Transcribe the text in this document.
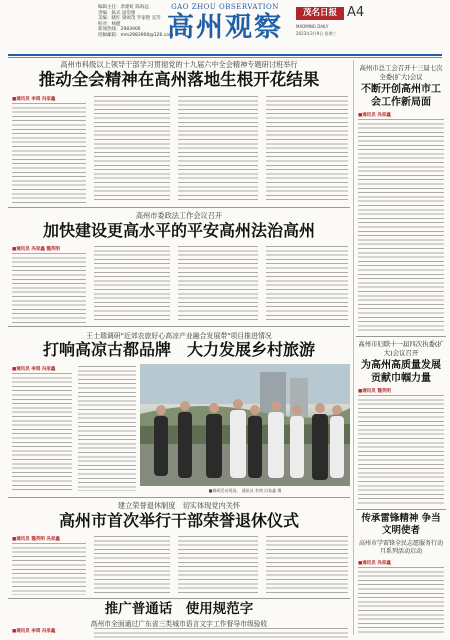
编辑主任：余建虹 陈海远
责编：陈式 逯崇源
美编：晓红 梁颂茂 罗家艳 宣芳
校对：杨健
新闻热线：2983900
投稿邮箱：mm2983900@126.com
GAO ZHOU OBSERVATION
高州观察	茂名日报 A4
MAOMING DAILY
2023年3月9日 星期三
高州市科级以上领导干部学习贯彻党的十九届六中全会精神专题研讨班举行
推动全会精神在高州落地生根开花结果
■通讯员 李鸿 冯家鑫
高州市总工会召开十三届七次全委(扩大)会议
不断开创高州市工会工作新局面
■通讯员 冯家鑫
高州市委政法工作会议召开
加快建设更高水平的平安高州法治高州
■通讯员 冯家鑫 魏英明
王士瑞调研"近郊农旅好心高凉产业融合发展带"项目推进情况
打响高凉古都品牌　大力发展乡村旅游
■通讯员 李鸿 冯家鑫
■调研活动现场。 通讯员 李鸿 冯家鑫 摄
高州市妇联十一届四次执委(扩大)会议召开
为高州高质量发展贡献巾帼力量
■通讯员 魏英明
建立荣誉退休制度　切实体现党内关怀
高州市首次举行干部荣誉退休仪式
■通讯员 魏英明 冯家鑫
传承雷锋精神 争当文明使者
高州市学雷锋全民志愿服务行动月系列活动启动
■通讯员 冯家鑫
推广普通话　使用规范字
高州市全面通过广东省三类城市语言文字工作督导市级验收
■通讯员 李鸿 冯家鑫
